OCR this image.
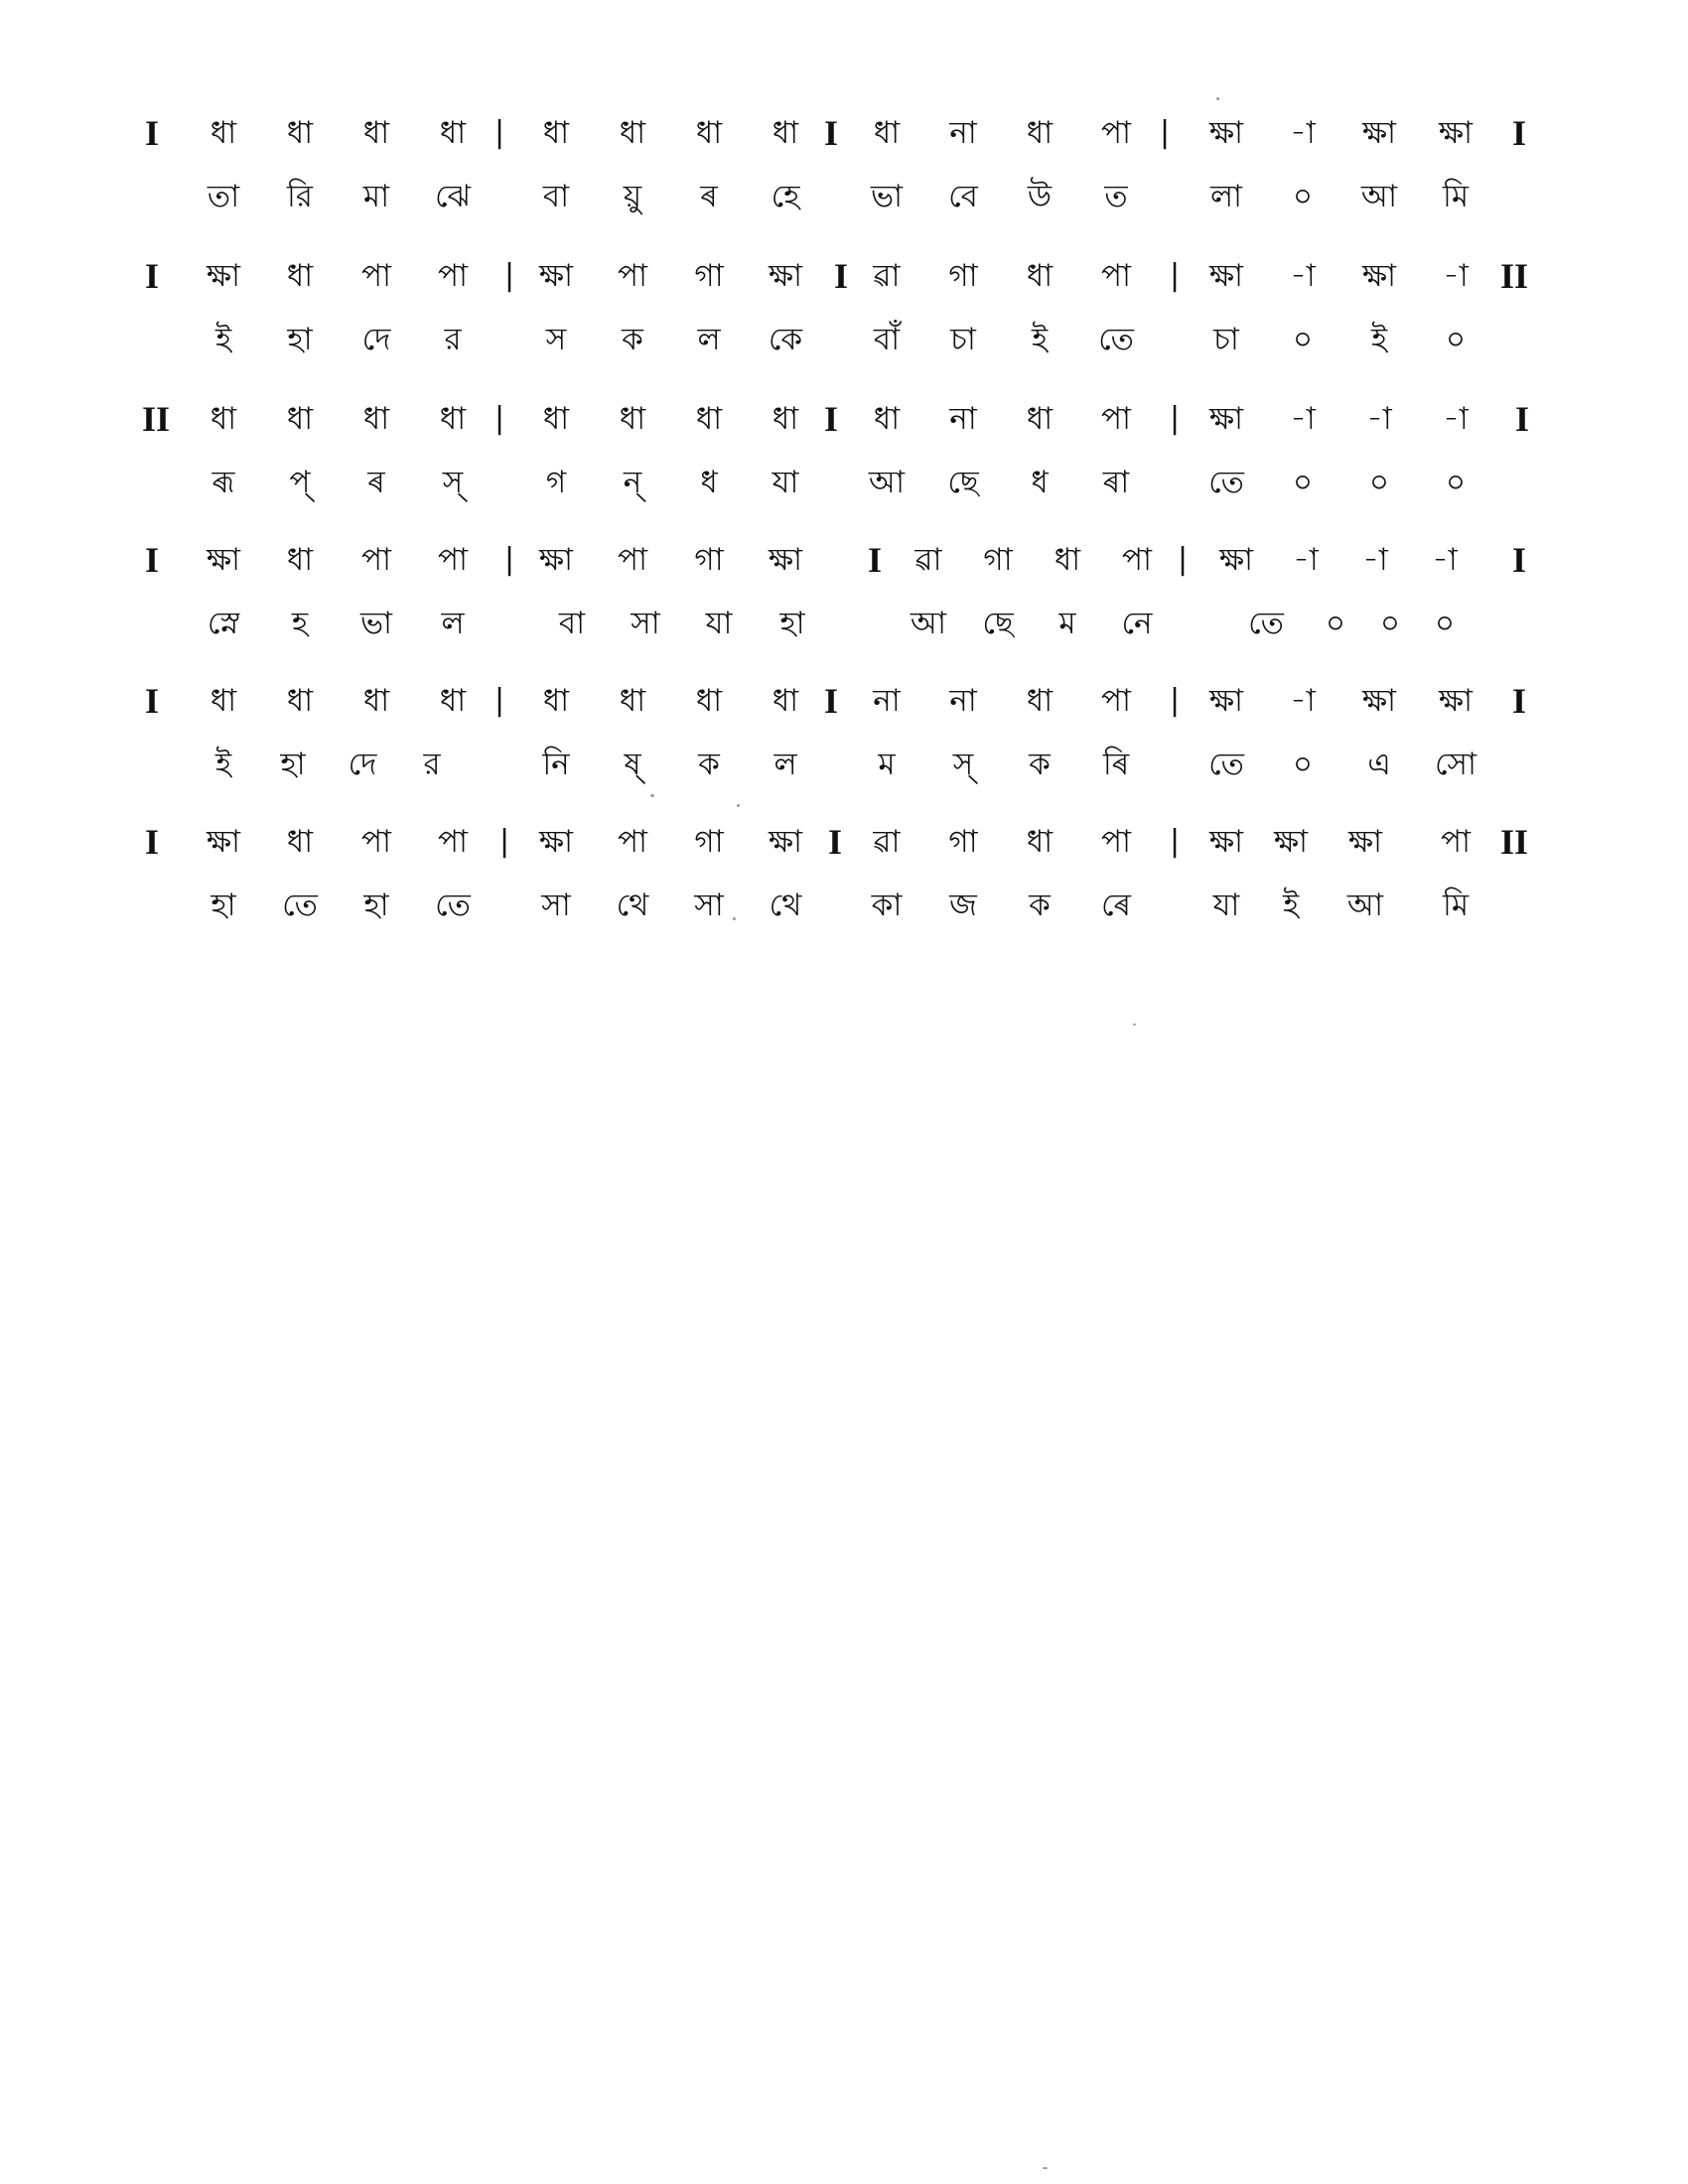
I	ধা	ধা	ধা	ধা |	ধা	ধা	ধা	ধা I	ধা	না	ধা	পা |	ক্ষা	-া	ক্ষা	ক্ষা	I
তা	রি	মা	ঝে	বা	য়ু	ৰ	হে	ভা	বে	উ	ত	লা	০	আ	মি
I	ক্ষা	ধা	পা	পা	| ক্ষা	পা	গা	ক্ষা I ৱা	গা	ধা	পা	| ক্ষা	-া	ক্ষা	-া II
ই	হা	দে	র	স	ক	ল	কে	বাঁ	চা	ই	তে	চা	০	ই	০
II	ধা	ধা	ধা	ধা |	ধা	ধা	ধা	ধা I	ধা	না	ধা	পা	| ক্ষা	-া	-া	-া	I
ৰূ	প্	ৰ	স্	গ	ন্	ধ	যা	আ	ছে	ধ	ৰা	তে	০	০	০
I	ক্ষা	ধা	পা	পা	| ক্ষা	পা	গা	ক্ষা	I	ৱা	গা	ধা	পা |	ক্ষা	-া	-া	-া	I
স্নে	হ	ভা	ল	বা	সা	যা	হা	আ	ছে	ম	নে	তে	০	০	০
I	ধা	ধা	ধা	ধা |	ধা	ধা	ধা	ধা I	না	না	ধা	পা	| ক্ষা	-া	ক্ষা	ক্ষা	I
ই	হা	দে	র	নি	ষ্	ক	ল	ম	স্	ক	ৰি	তে	০	এ	সো
I	ক্ষা	ধা	পা	পা	| ক্ষা	পা	গা	ক্ষা I	ৱা	গা	ধা	পা	| ক্ষা ক্ষা	ক্ষা	পা II
হা	তে	হা	তে	সা	থে	সা	থে	কা	জ	ক	ৰে	যা	ই	আ	মি
